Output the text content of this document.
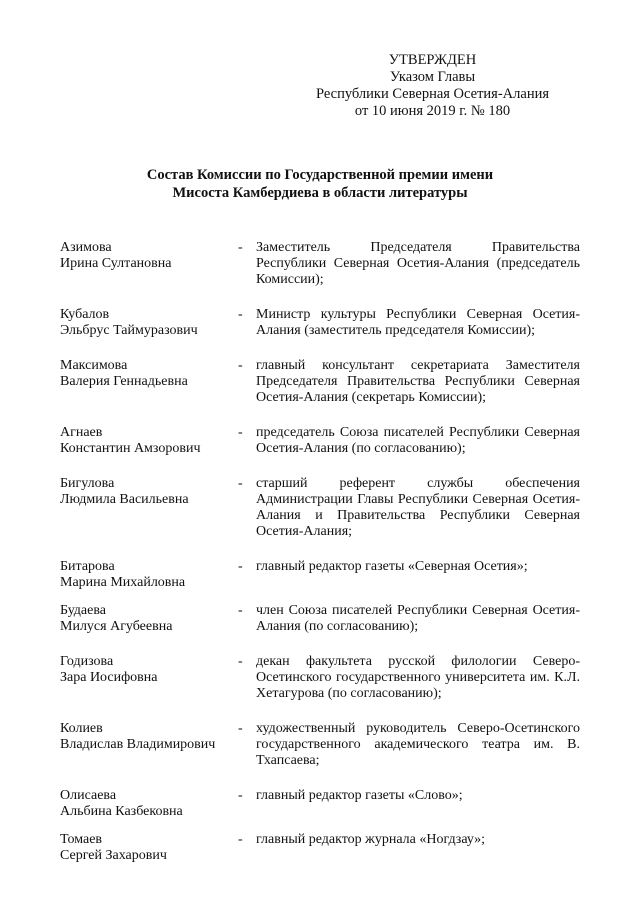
УТВЕРЖДЕН
Указом Главы
Республики Северная Осетия-Алания
от 10 июня 2019 г. № 180
Состав Комиссии по Государственной премии имени
Мисоста Камбердиева в области литературы
Азимова
Ирина Султановна
- Заместитель Председателя Правительства Республики Северная Осетия-Алания (председатель Комиссии);
Кубалов
Эльбрус Таймуразович
- Министр культуры Республики Северная Осетия-Алания (заместитель председателя Комиссии);
Максимова
Валерия Геннадьевна
- главный консультант секретариата Заместителя Председателя Правительства Республики Северная Осетия-Алания (секретарь Комиссии);
Агнаев
Константин Амзорович
- председатель Союза писателей Республики Северная Осетия-Алания (по согласованию);
Бигулова
Людмила Васильевна
- старший референт службы обеспечения Администрации Главы Республики Северная Осетия-Алания и Правительства Республики Северная Осетия-Алания;
Битарова
Марина Михайловна
- главный редактор газеты «Северная Осетия»;
Будаева
Милуся Агубеевна
- член Союза писателей Республики Северная Осетия-Алания (по согласованию);
Годизова
Зара Иосифовна
- декан факультета русской филологии Северо-Осетинского государственного университета им. К.Л. Хетагурова (по согласованию);
Колиев
Владислав Владимирович
- художественный руководитель Северо-Осетинского государственного академического театра им. В. Тхапсаева;
Олисаева
Альбина Казбековна
- главный редактор газеты «Слово»;
Томаев
Сергей Захарович
- главный редактор журнала «Ногдзау»;
